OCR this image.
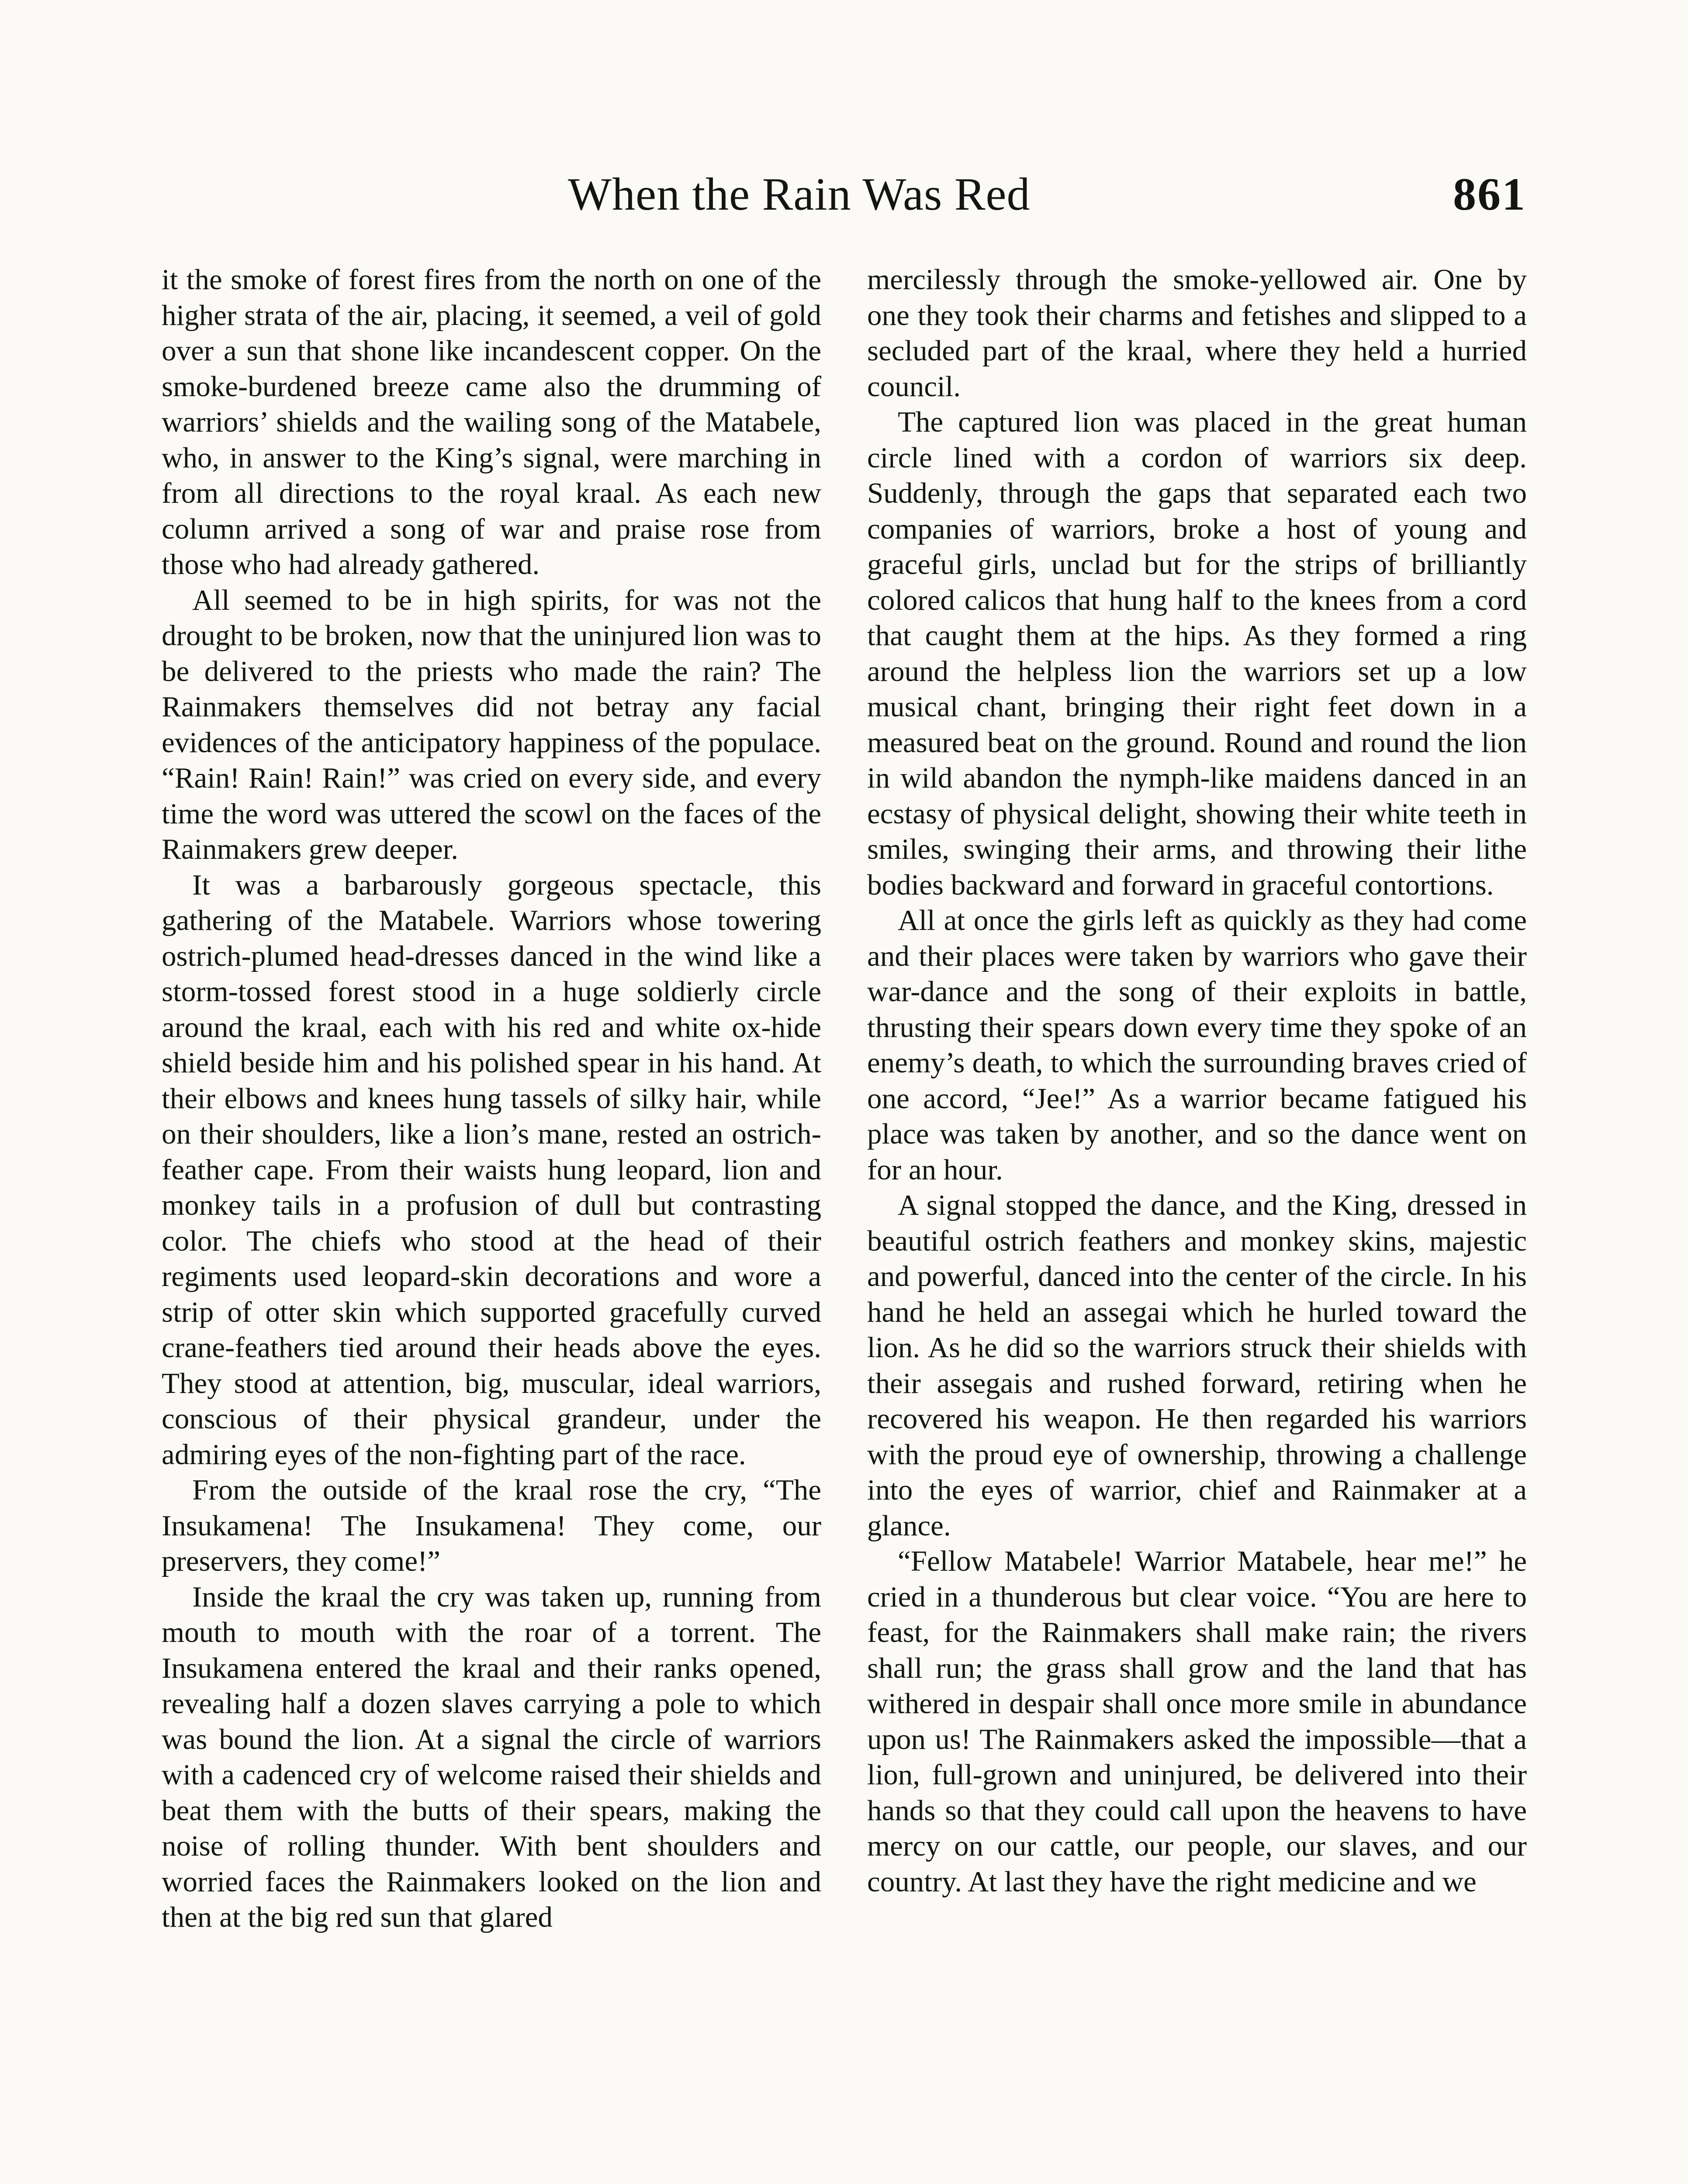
When the Rain Was Red	861

it the smoke of forest fires from the north on one of the higher strata of the air, placing, it seemed, a veil of gold over a sun that shone like incandescent copper. On the smoke-burdened breeze came also the drumming of warriors’ shields and the wailing song of the Matabele, who, in answer to the King’s signal, were marching in from all directions to the royal kraal. As each new column arrived a song of war and praise rose from those who had already gathered.

All seemed to be in high spirits, for was not the drought to be broken, now that the uninjured lion was to be delivered to the priests who made the rain? The Rainmakers themselves did not betray any facial evidences of the anticipatory happiness of the populace. “Rain! Rain! Rain!” was cried on every side, and every time the word was uttered the scowl on the faces of the Rainmakers grew deeper.

It was a barbarously gorgeous spectacle, this gathering of the Matabele. Warriors whose towering ostrich-plumed head-dresses danced in the wind like a storm-tossed forest stood in a huge soldierly circle around the kraal, each with his red and white ox-hide shield beside him and his polished spear in his hand. At their elbows and knees hung tassels of silky hair, while on their shoulders, like a lion’s mane, rested an ostrich-feather cape. From their waists hung leopard, lion and monkey tails in a profusion of dull but contrasting color. The chiefs who stood at the head of their regiments used leopard-skin decorations and wore a strip of otter skin which supported gracefully curved crane-feathers tied around their heads above the eyes. They stood at attention, big, muscular, ideal warriors, conscious of their physical grandeur, under the admiring eyes of the non-fighting part of the race.

From the outside of the kraal rose the cry, “The Insukamena! The Insukamena! They come, our preservers, they come!”

Inside the kraal the cry was taken up, running from mouth to mouth with the roar of a torrent. The Insukamena entered the kraal and their ranks opened, revealing half a dozen slaves carrying a pole to which was bound the lion. At a signal the circle of warriors with a cadenced cry of welcome raised their shields and beat them with the butts of their spears, making the noise of rolling thunder. With bent shoulders and worried faces the Rainmakers looked on the lion and then at the big red sun that glared

mercilessly through the smoke-yellowed air. One by one they took their charms and fetishes and slipped to a secluded part of the kraal, where they held a hurried council.

The captured lion was placed in the great human circle lined with a cordon of warriors six deep. Suddenly, through the gaps that separated each two companies of warriors, broke a host of young and graceful girls, unclad but for the strips of brilliantly colored calicos that hung half to the knees from a cord that caught them at the hips. As they formed a ring around the helpless lion the warriors set up a low musical chant, bringing their right feet down in a measured beat on the ground. Round and round the lion in wild abandon the nymph-like maidens danced in an ecstasy of physical delight, showing their white teeth in smiles, swinging their arms, and throwing their lithe bodies backward and forward in graceful contortions.

All at once the girls left as quickly as they had come and their places were taken by warriors who gave their war-dance and the song of their exploits in battle, thrusting their spears down every time they spoke of an enemy’s death, to which the surrounding braves cried of one accord, “Jee!” As a warrior became fatigued his place was taken by another, and so the dance went on for an hour.

A signal stopped the dance, and the King, dressed in beautiful ostrich feathers and monkey skins, majestic and powerful, danced into the center of the circle. In his hand he held an assegai which he hurled toward the lion. As he did so the warriors struck their shields with their assegais and rushed forward, retiring when he recovered his weapon. He then regarded his warriors with the proud eye of ownership, throwing a challenge into the eyes of warrior, chief and Rainmaker at a glance.

“Fellow Matabele! Warrior Matabele, hear me!” he cried in a thunderous but clear voice. “You are here to feast, for the Rainmakers shall make rain; the rivers shall run; the grass shall grow and the land that has withered in despair shall once more smile in abundance upon us! The Rainmakers asked the impossible—that a lion, full-grown and uninjured, be delivered into their hands so that they could call upon the heavens to have mercy on our cattle, our people, our slaves, and our country. At last they have the right medicine and we
